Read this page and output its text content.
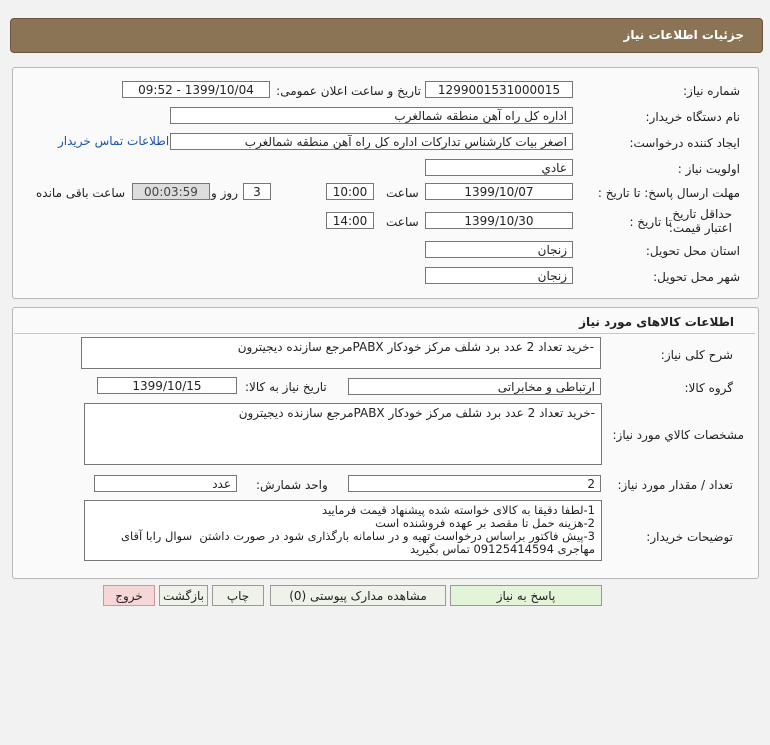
جزئیات اطلاعات نیاز
شماره نیاز:
1299001531000015
تاریخ و ساعت اعلان عمومی:
1399/10/04 - 09:52
نام دستگاه خریدار:
اداره کل راه آهن منطقه شمالغرب
ایجاد کننده درخواست:
اصغر بیات کارشناس تدارکات اداره کل راه آهن منطقه شمالغرب
اطلاعات تماس خریدار
اولویت نیاز :
عادي
مهلت ارسال پاسخ: تا تاریخ :
1399/10/07
ساعت
10:00
3
روز و
00:03:59
ساعت باقی مانده
حداقل تاریخ اعتبار قیمت:
تا تاریخ :
1399/10/30
ساعت
14:00
استان محل تحویل:
زنجان
شهر محل تحویل:
زنجان
اطلاعات کالاهای مورد نیاز
شرح کلی نیاز:
-خرید تعداد 2 عدد برد شلف مرکز خودکار PABXمرجع سازنده دیجیترون
گروه کالا:
ارتباطی و مخابراتی
تاریخ نیاز به کالا:
1399/10/15
مشخصات کالاي مورد نياز:
-خرید تعداد 2 عدد برد شلف مرکز خودکار PABXمرجع سازنده دیجیترون
تعداد / مقدار مورد نیاز:
2
واحد شمارش:
عدد
توضیحات خریدار:
1-لطفا دقیقا به کالای خواسته شده پیشنهاد قیمت فرمایید
2-هزینه حمل تا مقصد بر عهده فروشنده است
3-پیش فاکتور براساس درخواست تهیه و در سامانه بارگذاری شود در صورت داشتن  سوال رابا آقای مهاجری 09125414594 تماس بگیرید
پاسخ به نیاز
مشاهده مدارک پیوستی (0)
چاپ
بازگشت
خروج
